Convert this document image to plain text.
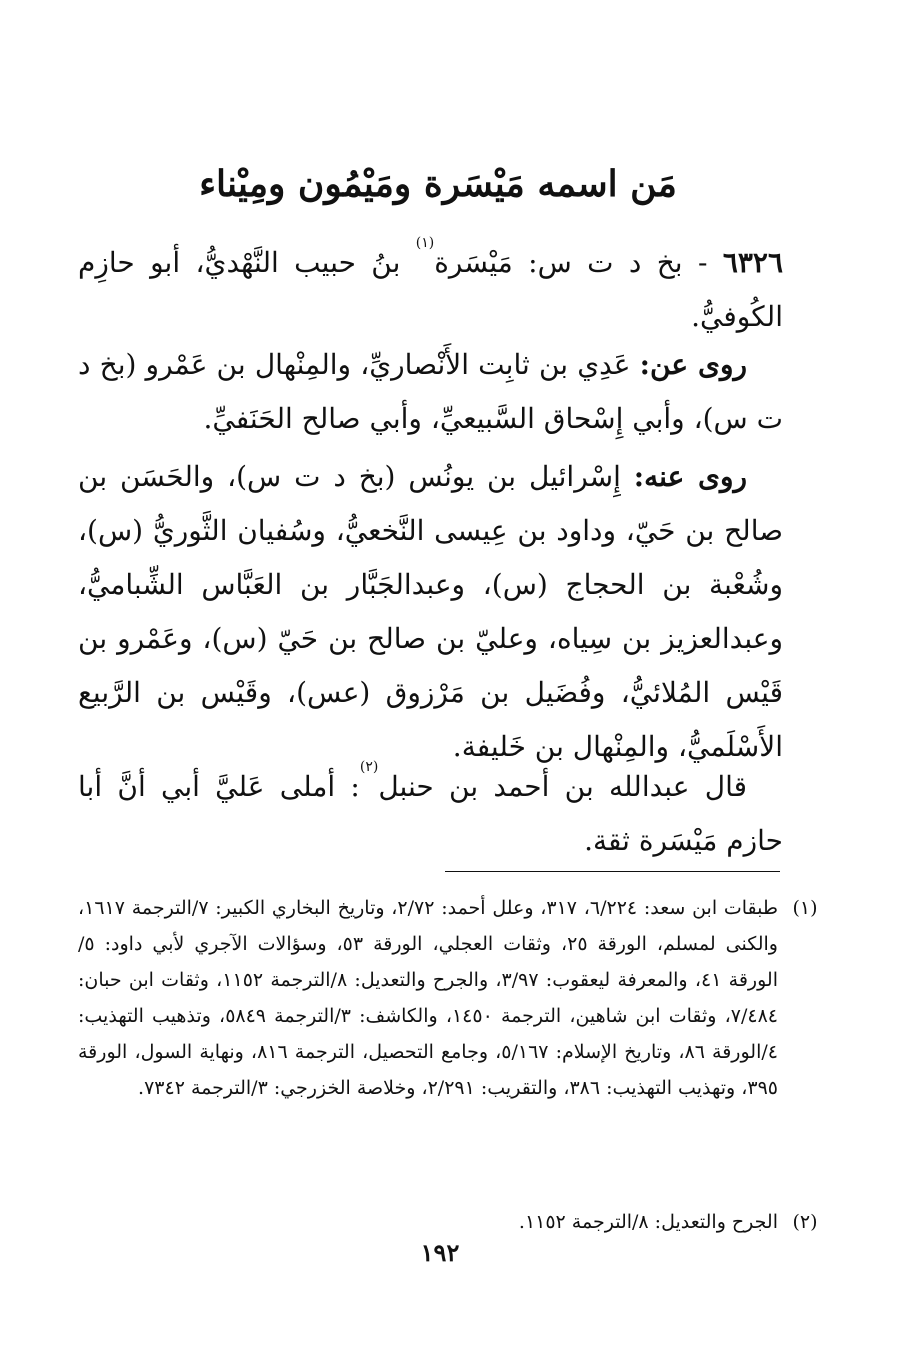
مَن اسمه مَيْسَرة ومَيْمُون ومِيْناء
٦٣٢٦ - بخ د ت س: مَيْسَرة$^{(١)}$ بنُ حبيب النَّهْديُّ، أبو حازِم الكُوفيُّ.
روى عن: عَدِي بن ثابِت الأَنْصاريِّ، والمِنْهال بن عَمْرو (بخ د ت س)، وأبي إِسْحاق السَّبيعيِّ، وأبي صالح الحَنَفيِّ.
روى عنه: إِسْرائيل بن يونُس (بخ د ت س)، والحَسَن بن صالح بن حَيّ، وداود بن عِيسى النَّخعيُّ، وسُفيان الثَّوريُّ (س)، وشُعْبة بن الحجاج (س)، وعبدالجَبَّار بن العَبَّاس الشِّباميُّ، وعبدالعزيز بن سِياه، وعليّ بن صالح بن حَيّ (س)، وعَمْرو بن قَيْس المُلائيُّ، وفُضَيل بن مَرْزوق (عس)، وقَيْس بن الرَّبيع الأَسْلَميُّ، والمِنْهال بن خَليفة.
قال عبدالله بن أحمد بن حنبل$^{(٢)}$: أملى عَليَّ أبي أنَّ أبا حازم مَيْسَرة ثقة.
(١)
طبقات ابن سعد: ٦/٢٢٤، ٣١٧، وعلل أحمد: ٢/٧٢، وتاريخ البخاري الكبير: ٧/الترجمة ١٦١٧، والكنى لمسلم، الورقة ٢٥، وثقات العجلي، الورقة ٥٣، وسؤالات الآجري لأبي داود: ٥/الورقة ٤١، والمعرفة ليعقوب: ٣/٩٧، والجرح والتعديل: ٨/الترجمة ١١٥٢، وثقات ابن حبان: ٧/٤٨٤، وثقات ابن شاهين، الترجمة ١٤٥٠، والكاشف: ٣/الترجمة ٥٨٤٩، وتذهيب التهذيب: ٤/الورقة ٨٦، وتاريخ الإسلام: ٥/١٦٧، وجامع التحصيل، الترجمة ٨١٦، ونهاية السول، الورقة ٣٩٥، وتهذيب التهذيب: ٣٨٦، والتقريب: ٢/٢٩١، وخلاصة الخزرجي: ٣/الترجمة ٧٣٤٢.
(٢)
الجرح والتعديل: ٨/الترجمة ١١٥٢.
١٩٢
